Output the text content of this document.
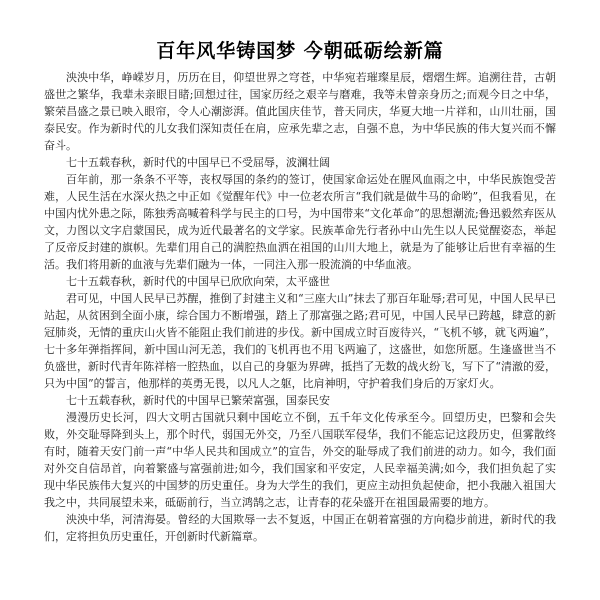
百年风华铸国梦 今朝砥砺绘新篇

泱泱中华，峥嵘岁月，历历在目，仰望世界之穹苍，中华宛若璀璨星辰，熠熠生辉。追溯往昔，古朝盛世之繁华，我辈未亲眼目睹;回想过往，国家历经之艰辛与磨难，我等未曾亲身历之;而观今日之中华，繁荣昌盛之景已映入眼帘，令人心潮澎湃。值此国庆佳节，普天同庆，华夏大地一片祥和，山川壮丽，国泰民安。作为新时代的儿女我们深知责任在肩，应承先辈之志，自强不息，为中华民族的伟大复兴而不懈奋斗。

七十五载春秋，新时代的中国早已不受屈辱，波澜壮阔

百年前，那一条条不平等，丧权辱国的条约的签订，使国家命运处在腥风血雨之中，中华民族饱受苦难，人民生活在水深火热之中正如《觉醒年代》中一位老农所言“我们就是做牛马的命哟”，但我看见，在中国内忧外患之际，陈独秀高喊着科学与民主的口号，为中国带来“文化革命”的思想潮流;鲁迅毅然弃医从文，力图以文字启蒙国民，成为近代最著名的文学家。民族革命先行者孙中山先生以人民觉醒姿态，举起了反帝反封建的旗帜。先辈们用自己的满腔热血洒在祖国的山川大地上，就是为了能够让后世有幸福的生活。我们将用新的血液与先辈们融为一体，一同注入那一股流淌的中华血液。

七十五载春秋，新时代的中国早已欣欣向荣，太平盛世

君可见，中国人民早已苏醒，推倒了封建主义和“三座大山”抹去了那百年耻辱;君可见，中国人民早已站起，从贫困到全面小康，综合国力不断增强，踏上了那富强之路;君可见，中国人民早已跨越，肆意的新冠肺炎，无情的重庆山火皆不能阻止我们前进的步伐。新中国成立时百废待兴，“飞机不够，就飞两遍”，七十多年弹指挥间，新中国山河无恙，我们的飞机再也不用飞两遍了，这盛世，如您所愿。生逢盛世当不负盛世，新时代青年陈祥榕一腔热血，以自己的身躯为界碑，抵挡了无数的战火纷飞，写下了“清澈的爱，只为中国”的誓言，他那样的英勇无畏，以凡人之躯，比肩神明，守护着我们身后的万家灯火。

七十五载春秋，新时代的中国早已繁荣富强，国泰民安

漫漫历史长河，四大文明古国就只剩中国屹立不倒，五千年文化传承至今。回望历史，巴黎和会失败，外交耻辱降到头上，那个时代，弱国无外交，乃至八国联军侵华，我们不能忘记这段历史，但雾散终有时，随着天安门前一声“中华人民共和国成立”的宣告，外交的耻辱成了我们前进的动力。如今，我们面对外交自信昂首，向着繁盛与富强前进;如今，我们国家和平安定，人民幸福美满;如今，我们担负起了实现中华民族伟大复兴的中国梦的历史重任。身为大学生的我们，更应主动担负起使命，把小我融入祖国大我之中，共同展望未来，砥砺前行，当立鸿鹄之志，让青春的花朵盛开在祖国最需要的地方。

泱泱中华，河清海晏。曾经的大国欺辱一去不复返，中国正在朝着富强的方向稳步前进，新时代的我们，定将担负历史重任，开创新时代新篇章。
